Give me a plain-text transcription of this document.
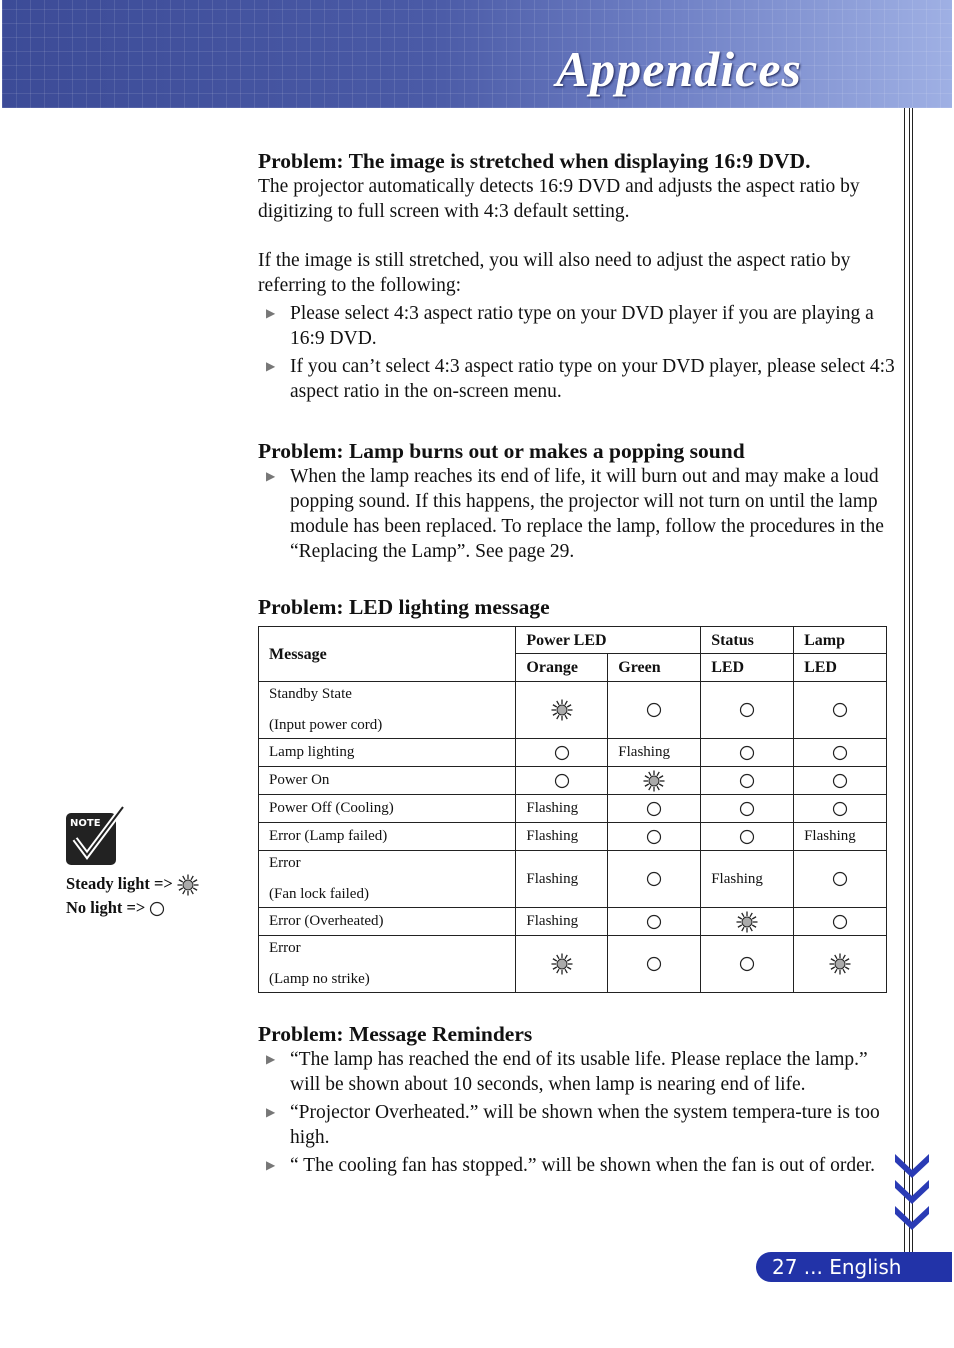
Appendices
Problem: The image is stretched when displaying 16:9 DVD.

The projector automatically detects 16:9 DVD and adjusts the aspect ratio by digitizing to full screen with 4:3 default setting.

If the image is still stretched, you will also need to adjust the aspect ratio by referring to the following:

▶ Please select 4:3 aspect ratio type on your DVD player if you are playing a 16:9 DVD.
▶ If you can’t select 4:3 aspect ratio type on your DVD player, please select 4:3 aspect ratio in the on-screen menu.
Problem: Lamp burns out or makes a popping sound
▶ When the lamp reaches its end of life, it will burn out and may make a loud popping sound. If this happens, the projector will not turn on until the lamp module has been replaced. To replace the lamp, follow the procedures in the “Replacing the Lamp”. See page 29.
Problem: LED lighting message
Message	Power LED		Status	Lamp
	Orange	Green	LED	LED

Standby State
(Input power cord)

Lamp lighting		Flashing		

Power On

Power Off (Cooling)	Flashing			

Error (Lamp failed)	Flashing			Flashing

Error
(Fan lock failed)	Flashing		Flashing	

Error (Overheated)	Flashing			

Error
(Lamp no strike)

Problem: Message Reminders
▶ “The lamp has reached the end of its usable life. Please replace the lamp.” will be shown about 10 seconds, when lamp is nearing end of life.
▶ “Projector Overheated.” will be shown when the system tempera-ture is too high.
▶ “ The cooling fan has stopped.” will be shown when the fan is out of order.
NOTE
Steady light =>
No light =>
27 ... English
